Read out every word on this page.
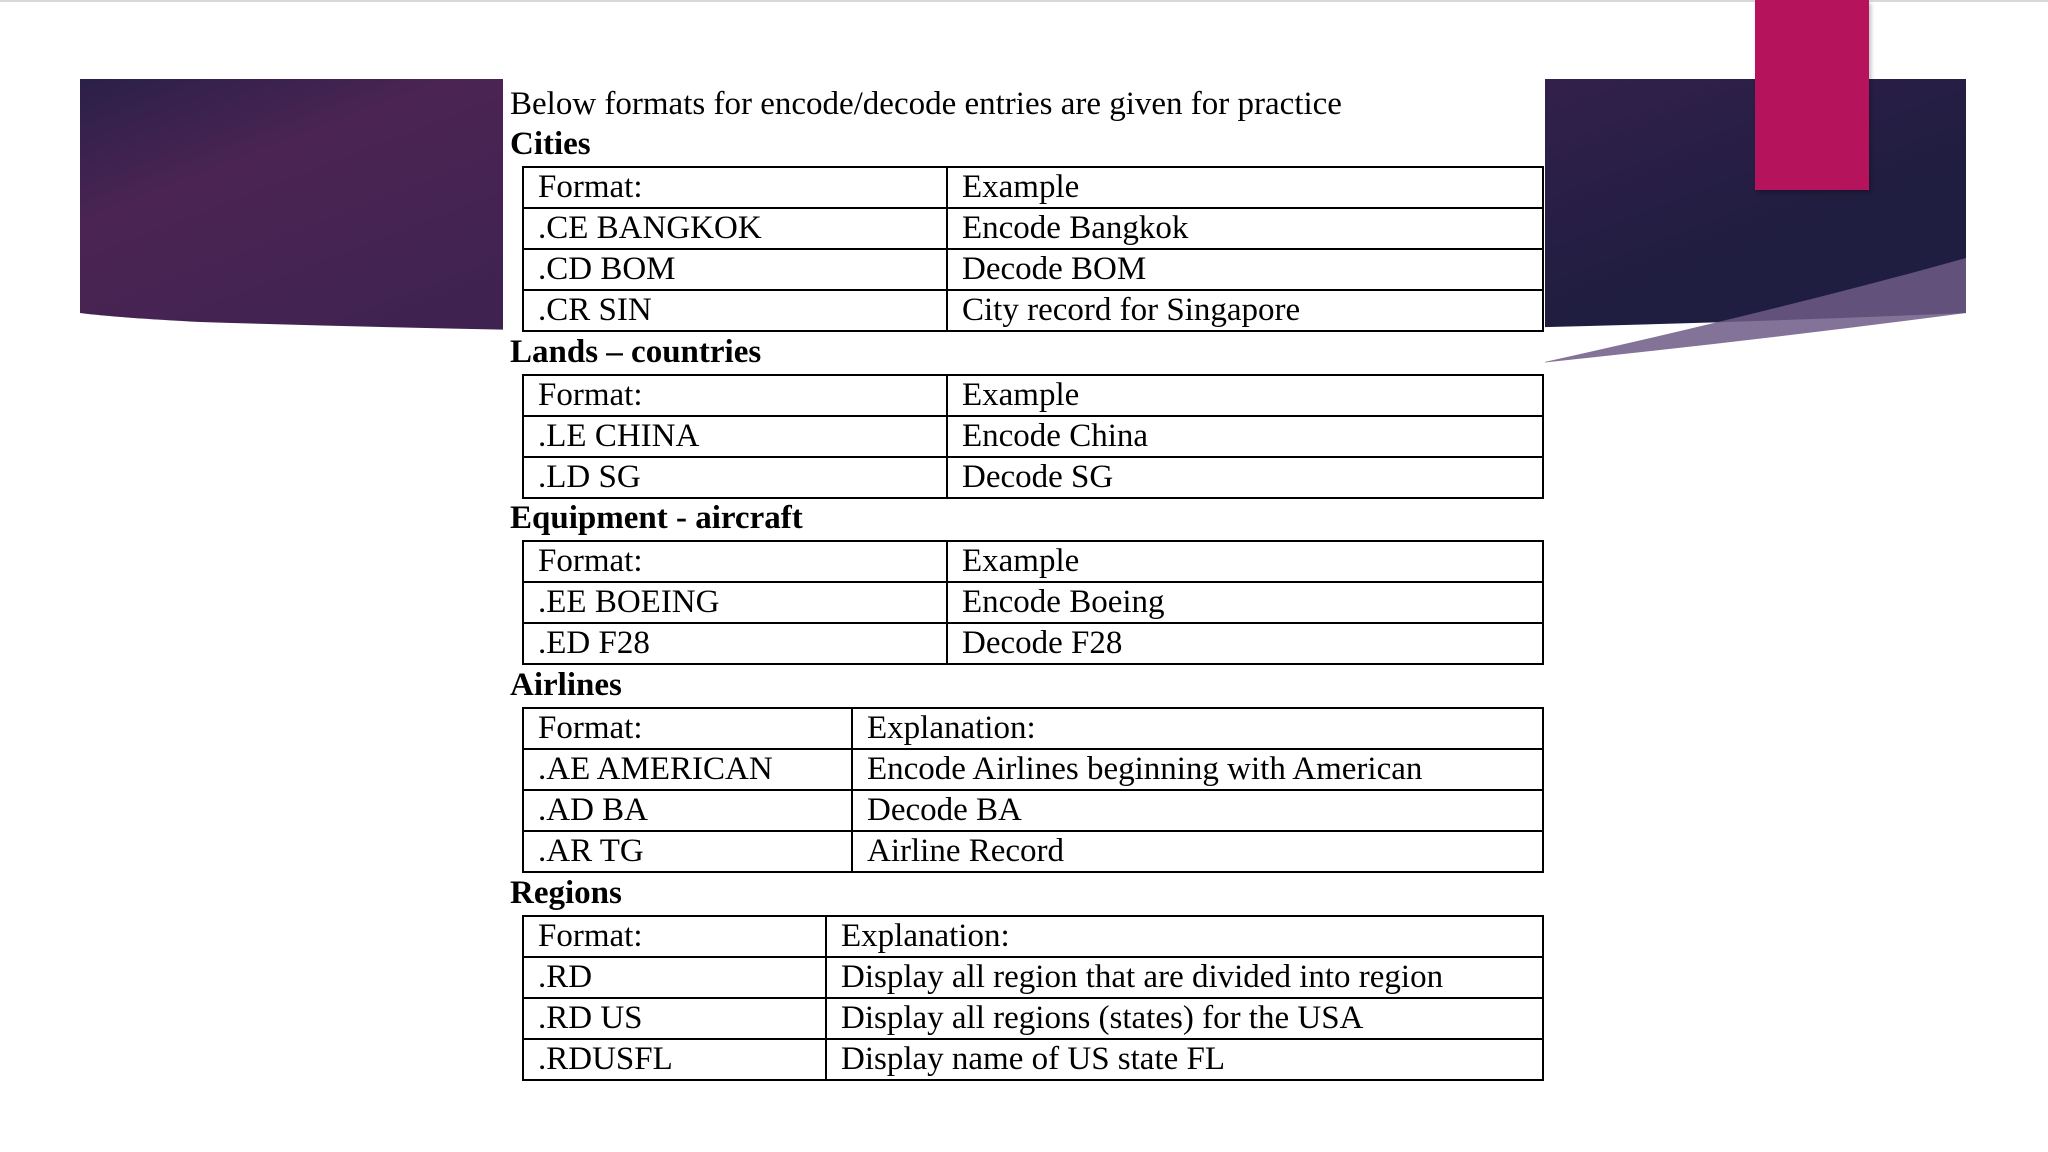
Below formats for encode/decode entries are given for practice
Cities
Format:	Example
.CE BANGKOK	Encode Bangkok
.CD BOM	Decode BOM
.CR SIN	City record for Singapore
Lands – countries
Format:	Example
.LE CHINA	Encode China
.LD SG	Decode SG
Equipment - aircraft
Format:	Example
.EE BOEING	Encode Boeing
.ED F28	Decode F28
Airlines
Format:	Explanation:
.AE AMERICAN	Encode Airlines beginning with American
.AD BA	Decode BA
.AR TG	Airline Record
Regions
Format:	Explanation:
.RD	Display all region that are divided into region
.RD US	Display all regions (states) for the USA
.RDUSFL	Display name of US state FL
